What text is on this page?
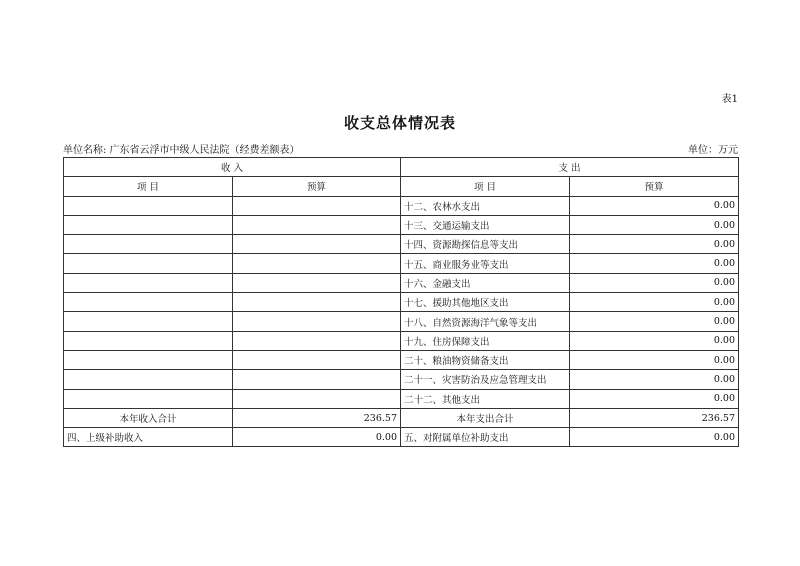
表1
收支总体情况表
单位名称: 广东省云浮市中级人民法院（经费差额表）	单位：万元
收 入		支 出	
项 目	预算	项 目	预算
		十二、农林水支出	0.00
		十三、交通运输支出	0.00
		十四、资源勘探信息等支出	0.00
		十五、商业服务业等支出	0.00
		十六、金融支出	0.00
		十七、援助其他地区支出	0.00
		十八、自然资源海洋气象等支出	0.00
		十九、住房保障支出	0.00
		二十、粮油物资储备支出	0.00
		二十一、灾害防治及应急管理支出	0.00
		二十二、其他支出	0.00
本年收入合计	236.57	本年支出合计	236.57
四、上级补助收入	0.00	五、对附属单位补助支出	0.00
